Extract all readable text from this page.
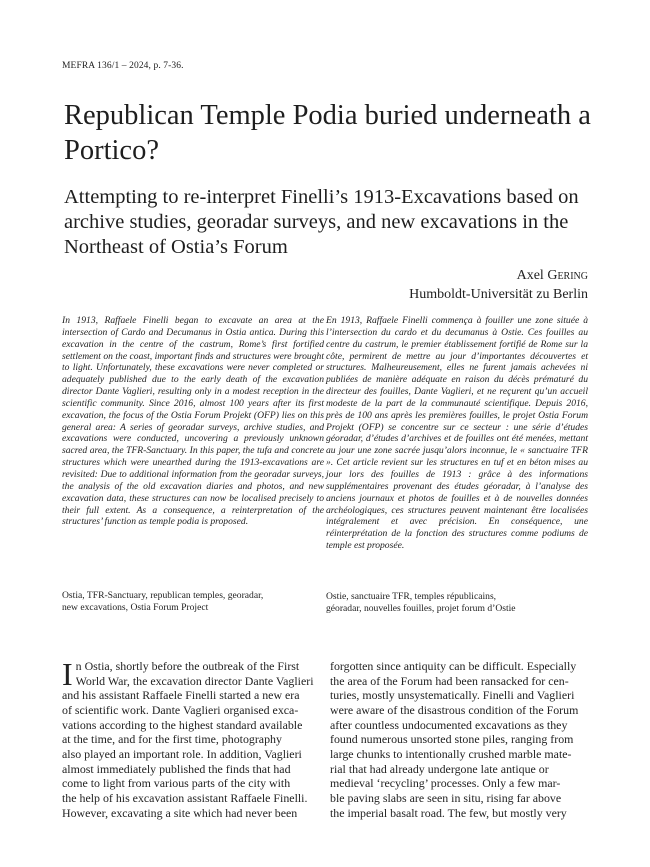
MEFRA 136/1 – 2024, p. 7-36.
Republican Temple Podia buried underneath a Portico?
Attempting to re-interpret Finelli’s 1913-Excavations based on archive studies, georadar surveys, and new excavations in the Northeast of Ostia’s Forum
Axel Gering
Humboldt-Universität zu Berlin
In 1913, Raffaele Finelli began to excavate an area at the intersection of Cardo and Decumanus in Ostia antica. During this excavation in the centre of the castrum, Rome’s first fortified settlement on the coast, important finds and structures were brought to light. Unfortunately, these excavations were never completed or adequately published due to the early death of the excavation director Dante Vaglieri, resulting only in a modest reception in the scientific community. Since 2016, almost 100 years after its first excavation, the focus of the Ostia Forum Projekt (OFP) lies on this general area: A series of georadar surveys, archive studies, and excavations were conducted, uncovering a previously unknown sacred area, the TFR-Sanctuary. In this paper, the tufa and concrete structures which were unearthed during the 1913-excavations are revisited: Due to additional information from the georadar surveys, the analysis of the old excavation diaries and photos, and new excavation data, these structures can now be localised precisely to their full extent. As a consequence, a reinterpretation of the structures’ function as temple podia is proposed.
En 1913, Raffaele Finelli commença à fouiller une zone située à l’intersection du cardo et du decumanus à Ostie. Ces fouilles au centre du castrum, le premier établissement fortifié de Rome sur la côte, permirent de mettre au jour d’importantes découvertes et structures. Malheureusement, elles ne furent jamais achevées ni publiées de manière adéquate en raison du décès prématuré du directeur des fouilles, Dante Vaglieri, et ne reçurent qu’un accueil modeste de la part de la communauté scientifique. Depuis 2016, près de 100 ans après les premières fouilles, le projet Ostia Forum Projekt (OFP) se concentre sur ce secteur : une série d’études géoradar, d’études d’archives et de fouilles ont été menées, mettant au jour une zone sacrée jusqu’alors inconnue, le « sanctuaire TFR ». Cet article revient sur les structures en tuf et en béton mises au jour lors des fouilles de 1913 : grâce à des informations supplémentaires provenant des études géoradar, à l’analyse des anciens journaux et photos de fouilles et à de nouvelles données archéologiques, ces structures peuvent maintenant être localisées intégralement et avec précision. En conséquence, une réinterprétation de la fonction des structures comme podiums de temple est proposée.
Ostia, TFR-Sanctuary, republican temples, georadar,
new excavations, Ostia Forum Project
Ostie, sanctuaire TFR, temples républicains,
géoradar, nouvelles fouilles, projet forum d’Ostie
I n Ostia, shortly before the outbreak of the First
World War, the excavation director Dante Vaglieri
and his assistant Raffaele Finelli started a new era
of scientific work. Dante Vaglieri organised exca-
vations according to the highest standard available
at the time, and for the first time, photography
also played an important role. In addition, Vaglieri
almost immediately published the finds that had
come to light from various parts of the city with
the help of his excavation assistant Raffaele Finelli.
However, excavating a site which had never been
forgotten since antiquity can be difficult. Especially
the area of the Forum had been ransacked for cen-
turies, mostly unsystematically. Finelli and Vaglieri
were aware of the disastrous condition of the Forum
after countless undocumented excavations as they
found numerous unsorted stone piles, ranging from
large chunks to intentionally crushed marble mate-
rial that had already undergone late antique or
medieval ‘recycling’ processes. Only a few mar-
ble paving slabs are seen in situ, rising far above
the imperial basalt road. The few, but mostly very
